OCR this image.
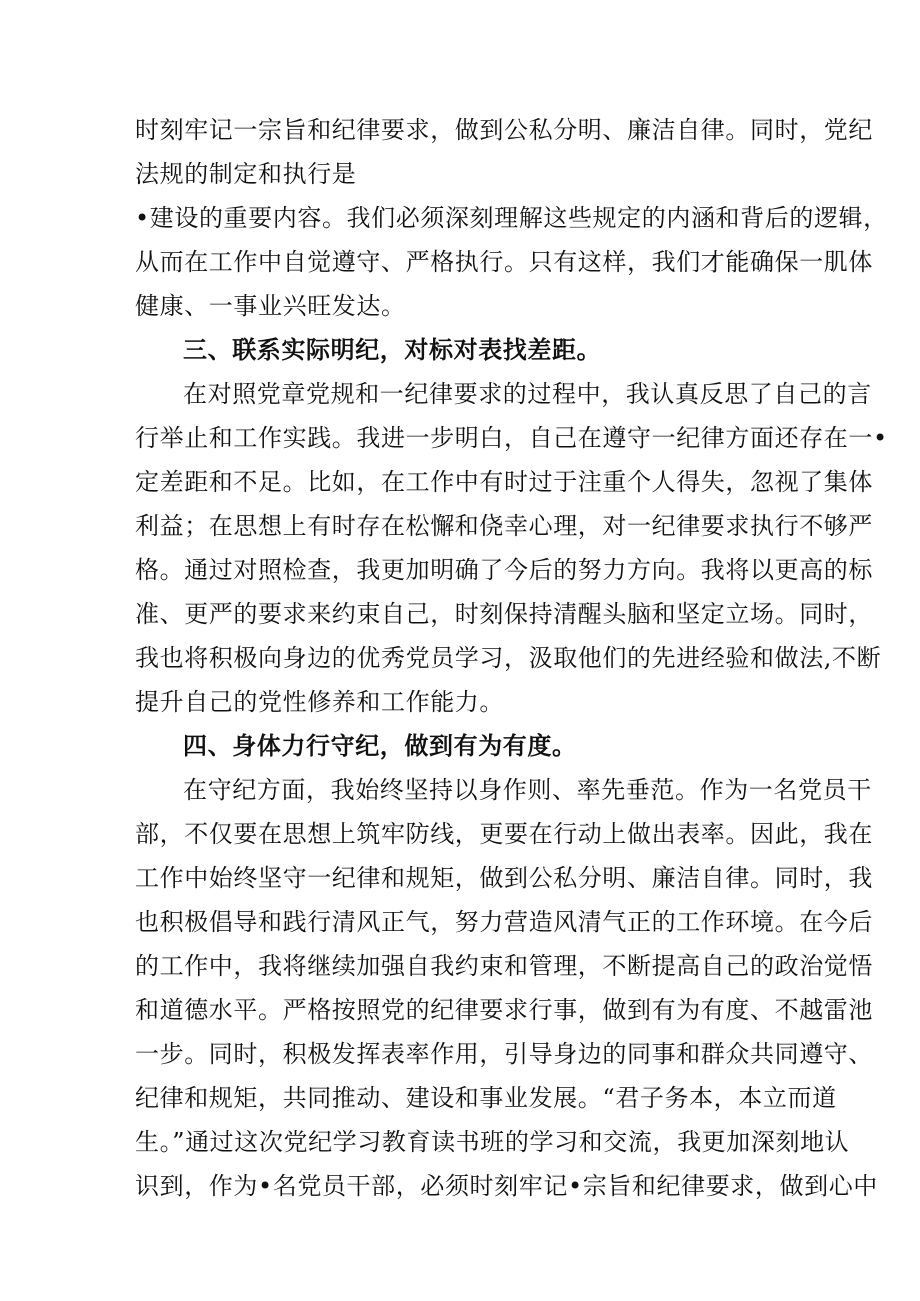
时刻牢记一宗旨和纪律要求，做到公私分明、廉洁自律。同时，党纪
法规的制定和执行是
•建设的重要内容。我们必须深刻理解这些规定的内涵和背后的逻辑，
从而在工作中自觉遵守、严格执行。只有这样，我们才能确保一肌体
健康、一事业兴旺发达。
三、联系实际明纪，对标对表找差距。
在对照党章党规和一纪律要求的过程中，我认真反思了自己的言
行举止和工作实践。我进一步明白，自己在遵守一纪律方面还存在一•
定差距和不足。比如，在工作中有时过于注重个人得失，忽视了集体
利益；在思想上有时存在松懈和侥幸心理，对一纪律要求执行不够严
格。通过对照检查，我更加明确了今后的努力方向。我将以更高的标
准、更严的要求来约束自己，时刻保持清醒头脑和坚定立场。同时，
我也将积极向身边的优秀党员学习，汲取他们的先进经验和做法,不断
提升自己的党性修养和工作能力。
四、身体力行守纪，做到有为有度。
在守纪方面，我始终坚持以身作则、率先垂范。作为一名党员干
部，不仅要在思想上筑牢防线，更要在行动上做出表率。因此，我在
工作中始终坚守一纪律和规矩，做到公私分明、廉洁自律。同时，我
也积极倡导和践行清风正气，努力营造风清气正的工作环境。在今后
的工作中，我将继续加强自我约束和管理，不断提高自己的政治觉悟
和道德水平。严格按照党的纪律要求行事，做到有为有度、不越雷池
一步。同时，积极发挥表率作用，引导身边的同事和群众共同遵守、
纪律和规矩，共同推动、建设和事业发展。“君子务本，本立而道
生。”通过这次党纪学习教育读书班的学习和交流，我更加深刻地认
识到，作为•名党员干部，必须时刻牢记•宗旨和纪律要求，做到心中
